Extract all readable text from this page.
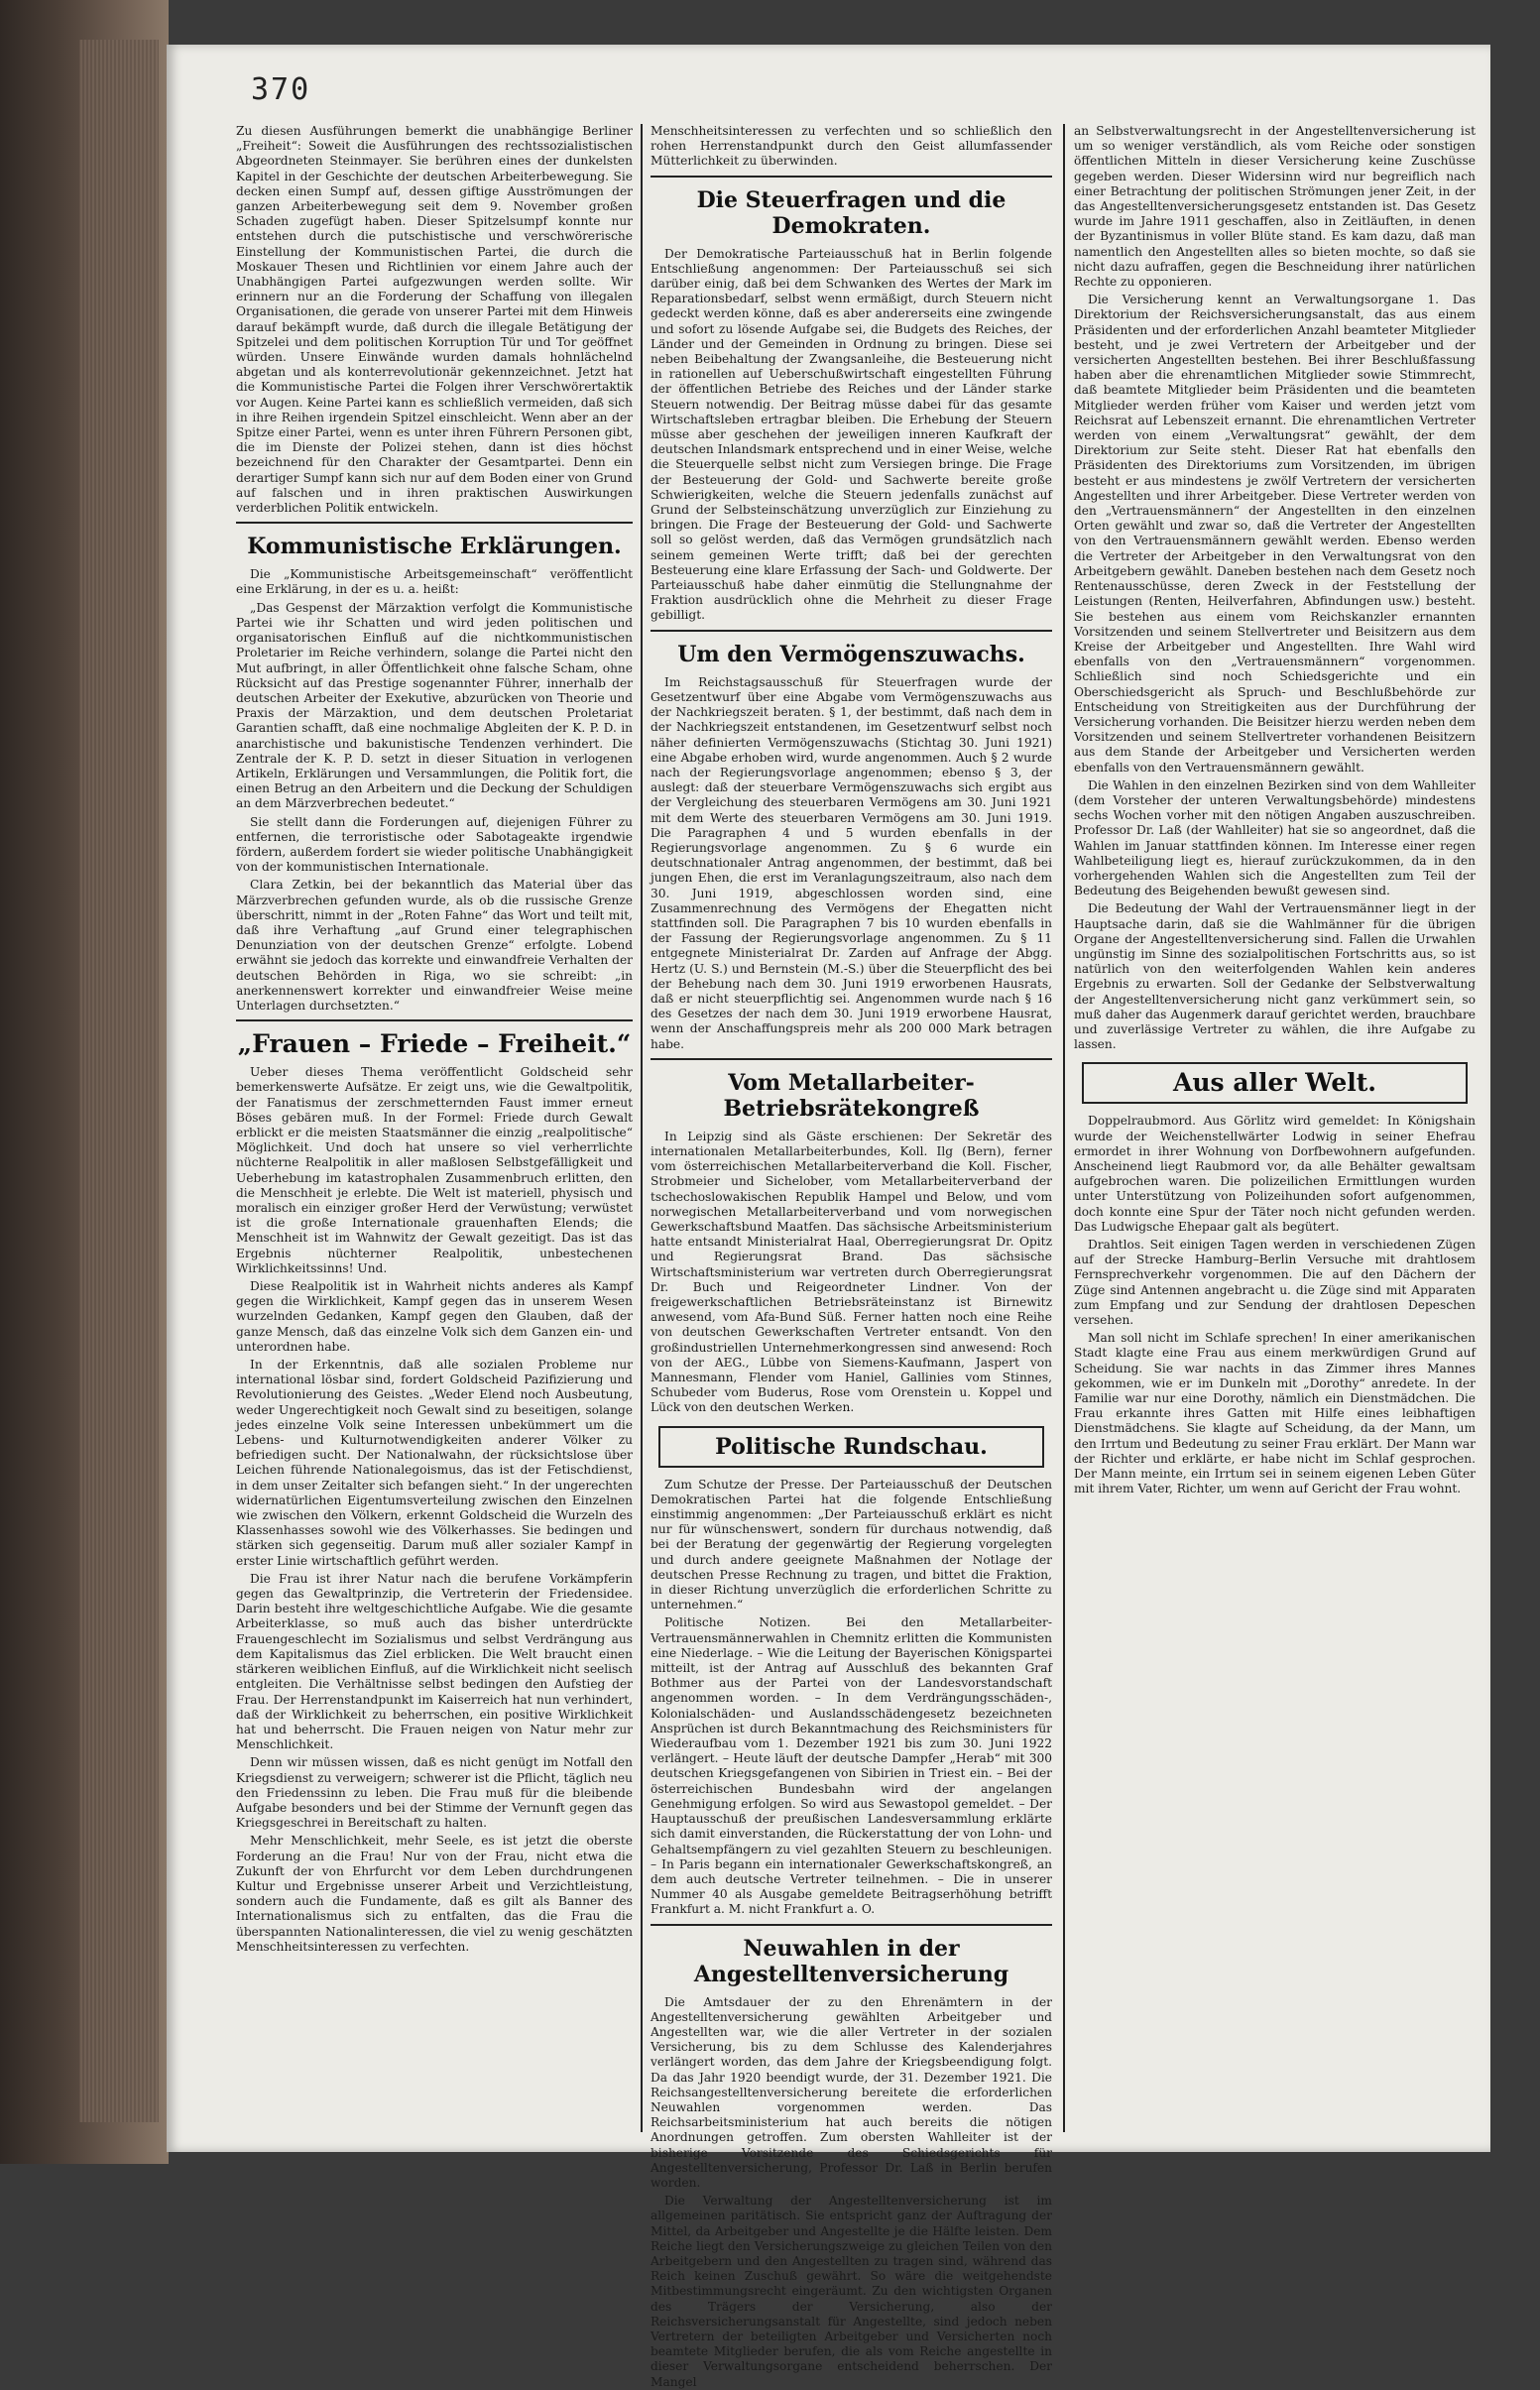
370

Zu diesen Ausführungen bemerkt die unabhängige Berliner „Freiheit“: Soweit die Ausführungen des rechtssozialistischen Abgeordneten Steinmayer. Sie berühren eines der dunkelsten Kapitel in der Geschichte der deutschen Arbeiterbewegung. Sie decken einen Sumpf auf, dessen giftige Ausströmungen der ganzen Arbeiterbewegung seit dem 9. November großen Schaden zugefügt haben. Dieser Spitzelsumpf konnte nur entstehen durch die putschistische und verschwörerische Einstellung der Kommunistischen Partei, die durch die Moskauer Thesen und Richtlinien vor einem Jahre auch der Unabhängigen Partei aufgezwungen werden sollte. Wir erinnern nur an die Forderung der Schaffung von illegalen Organisationen, die gerade von unserer Partei mit dem Hinweis darauf bekämpft wurde, daß durch die illegale Betätigung der Spitzelei und dem politischen Korruption Tür und Tor geöffnet würden. Unsere Einwände wurden damals hohnlächelnd abgetan und als konterrevolutionär gekennzeichnet. Jetzt hat die Kommunistische Partei die Folgen ihrer Verschwörertaktik vor Augen. Keine Partei kann es schließlich vermeiden, daß sich in ihre Reihen irgendein Spitzel einschleicht. Wenn aber an der Spitze einer Partei, wenn es unter ihren Führern Personen gibt, die im Dienste der Polizei stehen, dann ist dies höchst bezeichnend für den Charakter der Gesamtpartei. Denn ein derartiger Sumpf kann sich nur auf dem Boden einer von Grund auf falschen und in ihren praktischen Auswirkungen verderblichen Politik entwickeln.

Kommunistische Erklärungen.

Die „Kommunistische Arbeitsgemeinschaft“ veröffentlicht eine Erklärung, in der es u. a. heißt:

„Das Gespenst der Märzaktion verfolgt die Kommunistische Partei wie ihr Schatten und wird jeden politischen und organisatorischen Einfluß auf die nichtkommunistischen Proletarier im Reiche verhindern, solange die Partei nicht den Mut aufbringt, in aller Öffentlichkeit ohne falsche Scham, ohne Rücksicht auf das Prestige sogenannter Führer, innerhalb der deutschen Arbeiter der Exekutive, abzurücken von Theorie und Praxis der Märzaktion, und dem deutschen Proletariat Garantien schafft, daß eine nochmalige Abgleiten der K. P. D. in anarchistische und bakunistische Tendenzen verhindert. Die Zentrale der K. P. D. setzt in dieser Situation in verlogenen Artikeln, Erklärungen und Versammlungen, die Politik fort, die einen Betrug an den Arbeitern und die Deckung der Schuldigen an dem Märzverbrechen bedeutet.“

Sie stellt dann die Forderungen auf, diejenigen Führer zu entfernen, die terroristische oder Sabotageakte irgendwie fördern, außerdem fordert sie wieder politische Unabhängigkeit von der kommunistischen Internationale.

Clara Zetkin, bei der bekanntlich das Material über das Märzverbrechen gefunden wurde, als ob die russische Grenze überschritt, nimmt in der „Roten Fahne“ das Wort und teilt mit, daß ihre Verhaftung „auf Grund einer telegraphischen Denunziation von der deutschen Grenze“ erfolgte. Lobend erwähnt sie jedoch das korrekte und einwandfreie Verhalten der deutschen Behörden in Riga, wo sie schreibt: „in anerkennenswert korrekter und einwandfreier Weise meine Unterlagen durchsetzten.“

„Frauen – Friede – Freiheit.“

Ueber dieses Thema veröffentlicht Goldscheid sehr bemerkenswerte Aufsätze. Er zeigt uns, wie die Gewaltpolitik, der Fanatismus der zerschmetternden Faust immer erneut Böses gebären muß. In der Formel: Friede durch Gewalt erblickt er die meisten Staatsmänner die einzig „realpolitische“ Möglichkeit. Und doch hat unsere so viel verherrlichte nüchterne Realpolitik in aller maßlosen Selbstgefälligkeit und Ueberhebung im katastrophalen Zusammenbruch erlitten, den die Menschheit je erlebte. Die Welt ist materiell, physisch und moralisch ein einziger großer Herd der Verwüstung; verwüstet ist die große Internationale grauenhaften Elends; die Menschheit ist im Wahnwitz der Gewalt gezeitigt. Das ist das Ergebnis nüchterner Realpolitik, unbestechenen Wirklichkeitssinns! Und.

Diese Realpolitik ist in Wahrheit nichts anderes als Kampf gegen die Wirklichkeit, Kampf gegen das in unserem Wesen wurzelnden Gedanken, Kampf gegen den Glauben, daß der ganze Mensch, daß das einzelne Volk sich dem Ganzen ein- und unterordnen habe.

In der Erkenntnis, daß alle sozialen Probleme nur international lösbar sind, fordert Goldscheid Pazifizierung und Revolutionierung des Geistes. „Weder Elend noch Ausbeutung, weder Ungerechtigkeit noch Gewalt sind zu beseitigen, solange jedes einzelne Volk seine Interessen unbekümmert um die Lebens- und Kulturnotwendigkeiten anderer Völker zu befriedigen sucht. Der Nationalwahn, der rücksichtslose über Leichen führende Nationalegoismus, das ist der Fetischdienst, in dem unser Zeitalter sich befangen sieht.“ In der ungerechten widernatürlichen Eigentumsverteilung zwischen den Einzelnen wie zwischen den Völkern, erkennt Goldscheid die Wurzeln des Klassenhasses sowohl wie des Völkerhasses. Sie bedingen und stärken sich gegenseitig. Darum muß aller sozialer Kampf in erster Linie wirtschaftlich geführt werden.

Die Frau ist ihrer Natur nach die berufene Vorkämpferin gegen das Gewaltprinzip, die Vertreterin der Friedensidee. Darin besteht ihre weltgeschichtliche Aufgabe. Wie die gesamte Arbeiterklasse, so muß auch das bisher unterdrückte Frauengeschlecht im Sozialismus und selbst Verdrängung aus dem Kapitalismus das Ziel erblicken. Die Welt braucht einen stärkeren weiblichen Einfluß, auf die Wirklichkeit nicht seelisch entgleiten. Die Verhältnisse selbst bedingen den Aufstieg der Frau. Der Herrenstandpunkt im Kaiserreich hat nun verhindert, daß der Wirklichkeit zu beherrschen, ein positive Wirklichkeit hat und beherrscht. Die Frauen neigen von Natur mehr zur Menschlichkeit.

Denn wir müssen wissen, daß es nicht genügt im Notfall den Kriegsdienst zu verweigern; schwerer ist die Pflicht, täglich neu den Friedenssinn zu leben. Die Frau muß für die bleibende Aufgabe besonders und bei der Stimme der Vernunft gegen das Kriegsgeschrei in Bereitschaft zu halten.

Mehr Menschlichkeit, mehr Seele, es ist jetzt die oberste Forderung an die Frau! Nur von der Frau, nicht etwa die Zukunft der von Ehrfurcht vor dem Leben durchdrungenen Kultur und Ergebnisse unserer Arbeit und Verzichtleistung, sondern auch die Fundamente, daß es gilt als Banner des Internationalismus sich zu entfalten, das die Frau die überspannten Nationalinteressen, die viel zu wenig geschätzten Menschheitsinteressen zu verfechten.

Menschheitsinteressen zu verfechten und so schließlich den rohen Herrenstandpunkt durch den Geist allumfassender Mütterlichkeit zu überwinden.

Die Steuerfragen und die Demokraten.

Der Demokratische Parteiausschuß hat in Berlin folgende Entschließung angenommen: Der Parteiausschuß sei sich darüber einig, daß bei dem Schwanken des Wertes der Mark im Reparationsbedarf, selbst wenn ermäßigt, durch Steuern nicht gedeckt werden könne, daß es aber andererseits eine zwingende und sofort zu lösende Aufgabe sei, die Budgets des Reiches, der Länder und der Gemeinden in Ordnung zu bringen. Diese sei neben Beibehaltung der Zwangsanleihe, die Besteuerung nicht in rationellen auf Ueberschußwirtschaft eingestellten Führung der öffentlichen Betriebe des Reiches und der Länder starke Steuern notwendig. Der Beitrag müsse dabei für das gesamte Wirtschaftsleben ertragbar bleiben. Die Erhebung der Steuern müsse aber geschehen der jeweiligen inneren Kaufkraft der deutschen Inlandsmark entsprechend und in einer Weise, welche die Steuerquelle selbst nicht zum Versiegen bringe. Die Frage der Besteuerung der Gold- und Sachwerte bereite große Schwierigkeiten, welche die Steuern jedenfalls zunächst auf Grund der Selbsteinschätzung unverzüglich zur Einziehung zu bringen. Die Frage der Besteuerung der Gold- und Sachwerte soll so gelöst werden, daß das Vermögen grundsätzlich nach seinem gemeinen Werte trifft; daß bei der gerechten Besteuerung eine klare Erfassung der Sach- und Goldwerte. Der Parteiausschuß habe daher einmütig die Stellungnahme der Fraktion ausdrücklich ohne die Mehrheit zu dieser Frage gebilligt.

Um den Vermögenszuwachs.

Im Reichstagsausschuß für Steuerfragen wurde der Gesetzentwurf über eine Abgabe vom Vermögenszuwachs aus der Nachkriegszeit beraten. § 1, der bestimmt, daß nach dem in der Nachkriegszeit entstandenen, im Gesetzentwurf selbst noch näher definierten Vermögenszuwachs (Stichtag 30. Juni 1921) eine Abgabe erhoben wird, wurde angenommen. Auch § 2 wurde nach der Regierungsvorlage angenommen; ebenso § 3, der auslegt: daß der steuerbare Vermögenszuwachs sich ergibt aus der Vergleichung des steuerbaren Vermögens am 30. Juni 1921 mit dem Werte des steuerbaren Vermögens am 30. Juni 1919. Die Paragraphen 4 und 5 wurden ebenfalls in der Regierungsvorlage angenommen. Zu § 6 wurde ein deutschnationaler Antrag angenommen, der bestimmt, daß bei jungen Ehen, die erst im Veranlagungszeitraum, also nach dem 30. Juni 1919, abgeschlossen worden sind, eine Zusammenrechnung des Vermögens der Ehegatten nicht stattfinden soll. Die Paragraphen 7 bis 10 wurden ebenfalls in der Fassung der Regierungsvorlage angenommen. Zu § 11 entgegnete Ministerialrat Dr. Zarden auf Anfrage der Abgg. Hertz (U. S.) und Bernstein (M.-S.) über die Steuerpflicht des bei der Behebung nach dem 30. Juni 1919 erworbenen Hausrats, daß er nicht steuerpflichtig sei. Angenommen wurde nach § 16 des Gesetzes der nach dem 30. Juni 1919 erworbene Hausrat, wenn der Anschaffungspreis mehr als 200 000 Mark betragen habe.

Vom Metallarbeiter-Betriebsrätekongreß

In Leipzig sind als Gäste erschienen: Der Sekretär des internationalen Metallarbeiterbundes, Koll. Ilg (Bern), ferner vom österreichischen Metallarbeiterverband die Koll. Fischer, Strobmeier und Sichelober, vom Metallarbeiterverband der tschechoslowakischen Republik Hampel und Below, und vom norwegischen Metallarbeiterverband und vom norwegischen Gewerkschaftsbund Maatfen. Das sächsische Arbeitsministerium hatte entsandt Ministerialrat Haal, Oberregierungsrat Dr. Opitz und Regierungsrat Brand. Das sächsische Wirtschaftsministerium war vertreten durch Oberregierungsrat Dr. Buch und Reigeordneter Lindner. Von der freigewerkschaftlichen Betriebsräteinstanz ist Birnewitz anwesend, vom Afa-Bund Süß. Ferner hatten noch eine Reihe von deutschen Gewerkschaften Vertreter entsandt. Von den großindustriellen Unternehmerkongressen sind anwesend: Roch von der AEG., Lübbe von Siemens-Kaufmann, Jaspert von Mannesmann, Flender vom Haniel, Gallinies vom Stinnes, Schubeder vom Buderus, Rose vom Orenstein u. Koppel und Lück von den deutschen Werken.

Politische Rundschau.

Zum Schutze der Presse. Der Parteiausschuß der Deutschen Demokratischen Partei hat die folgende Entschließung einstimmig angenommen: „Der Parteiausschuß erklärt es nicht nur für wünschenswert, sondern für durchaus notwendig, daß bei der Beratung der gegenwärtig der Regierung vorgelegten und durch andere geeignete Maßnahmen der Notlage der deutschen Presse Rechnung zu tragen, und bittet die Fraktion, in dieser Richtung unverzüglich die erforderlichen Schritte zu unternehmen.“

Politische Notizen. Bei den Metallarbeiter-Vertrauensmännerwahlen in Chemnitz erlitten die Kommunisten eine Niederlage. – Wie die Leitung der Bayerischen Königspartei mitteilt, ist der Antrag auf Ausschluß des bekannten Graf Bothmer aus der Partei von der Landesvorstandschaft angenommen worden. – In dem Verdrängungsschäden-, Kolonialschäden- und Auslandsschädengesetz bezeichneten Ansprüchen ist durch Bekanntmachung des Reichsministers für Wiederaufbau vom 1. Dezember 1921 bis zum 30. Juni 1922 verlängert. – Heute läuft der deutsche Dampfer „Herab“ mit 300 deutschen Kriegsgefangenen von Sibirien in Triest ein. – Bei der österreichischen Bundesbahn wird der angelangen Genehmigung erfolgen. So wird aus Sewastopol gemeldet. – Der Hauptausschuß der preußischen Landesversammlung erklärte sich damit einverstanden, die Rückerstattung der von Lohn- und Gehaltsempfängern zu viel gezahlten Steuern zu beschleunigen. – In Paris begann ein internationaler Gewerkschaftskongreß, an dem auch deutsche Vertreter teilnehmen. – Die in unserer Nummer 40 als Ausgabe gemeldete Beitragserhöhung betrifft Frankfurt a. M. nicht Frankfurt a. O.

Neuwahlen in der Angestelltenversicherung

Die Amtsdauer der zu den Ehrenämtern in der Angestelltenversicherung gewählten Arbeitgeber und Angestellten war, wie die aller Vertreter in der sozialen Versicherung, bis zu dem Schlusse des Kalenderjahres verlängert worden, das dem Jahre der Kriegsbeendigung folgt. Da das Jahr 1920 beendigt wurde, der 31. Dezember 1921. Die Reichsangestelltenversicherung bereitete die erforderlichen Neuwahlen vorgenommen werden. Das Reichsarbeitsministerium hat auch bereits die nötigen Anordnungen getroffen. Zum obersten Wahlleiter ist der bisherige Vorsitzende des Schiedsgerichts für Angestelltenversicherung, Professor Dr. Laß in Berlin berufen worden.

Die Verwaltung der Angestelltenversicherung ist im allgemeinen paritätisch. Sie entspricht ganz der Auftragung der Mittel, da Arbeitgeber und Angestellte je die Hälfte leisten. Dem Reiche liegt den Versicherungszweige zu gleichen Teilen von den Arbeitgebern und den Angestellten zu tragen sind, während das Reich keinen Zuschuß gewährt. So wäre die weitgehendste Mitbestimmungsrecht eingeräumt. Zu den wichtigsten Organen des Trägers der Versicherung, also der Reichsversicherungsanstalt für Angestellte, sind jedoch neben Vertretern der beteiligten Arbeitgeber und Versicherten noch beamtete Mitglieder berufen, die als vom Reiche angestellte in dieser Verwaltungsorgane entscheidend beherrschen. Der Mangel

an Selbstverwaltungsrecht in der Angestelltenversicherung ist um so weniger verständlich, als vom Reiche oder sonstigen öffentlichen Mitteln in dieser Versicherung keine Zuschüsse gegeben werden. Dieser Widersinn wird nur begreiflich nach einer Betrachtung der politischen Strömungen jener Zeit, in der das Angestelltenversicherungsgesetz entstanden ist. Das Gesetz wurde im Jahre 1911 geschaffen, also in Zeitläuften, in denen der Byzantinismus in voller Blüte stand. Es kam dazu, daß man namentlich den Angestellten alles so bieten mochte, so daß sie nicht dazu aufraffen, gegen die Beschneidung ihrer natürlichen Rechte zu opponieren.

Die Versicherung kennt an Verwaltungsorgane 1. Das Direktorium der Reichsversicherungsanstalt, das aus einem Präsidenten und der erforderlichen Anzahl beamteter Mitglieder besteht, und je zwei Vertretern der Arbeitgeber und der versicherten Angestellten bestehen. Bei ihrer Beschlußfassung haben aber die ehrenamtlichen Mitglieder sowie Stimmrecht, daß beamtete Mitglieder beim Präsidenten und die beamteten Mitglieder werden früher vom Kaiser und werden jetzt vom Reichsrat auf Lebenszeit ernannt. Die ehrenamtlichen Vertreter werden von einem „Verwaltungsrat“ gewählt, der dem Direktorium zur Seite steht. Dieser Rat hat ebenfalls den Präsidenten des Direktoriums zum Vorsitzenden, im übrigen besteht er aus mindestens je zwölf Vertretern der versicherten Angestellten und ihrer Arbeitgeber. Diese Vertreter werden von den „Vertrauensmännern“ der Angestellten in den einzelnen Orten gewählt und zwar so, daß die Vertreter der Angestellten von den Vertrauensmännern gewählt werden. Ebenso werden die Vertreter der Arbeitgeber in den Verwaltungsrat von den Arbeitgebern gewählt. Daneben bestehen nach dem Gesetz noch Rentenausschüsse, deren Zweck in der Feststellung der Leistungen (Renten, Heilverfahren, Abfindungen usw.) besteht. Sie bestehen aus einem vom Reichskanzler ernannten Vorsitzenden und seinem Stellvertreter und Beisitzern aus dem Kreise der Arbeitgeber und Angestellten. Ihre Wahl wird ebenfalls von den „Vertrauensmännern“ vorgenommen. Schließlich sind noch Schiedsgerichte und ein Oberschiedsgericht als Spruch- und Beschlußbehörde zur Entscheidung von Streitigkeiten aus der Durchführung der Versicherung vorhanden. Die Beisitzer hierzu werden neben dem Vorsitzenden und seinem Stellvertreter vorhandenen Beisitzern aus dem Stande der Arbeitgeber und Versicherten werden ebenfalls von den Vertrauensmännern gewählt.

Die Wahlen in den einzelnen Bezirken sind von dem Wahlleiter (dem Vorsteher der unteren Verwaltungsbehörde) mindestens sechs Wochen vorher mit den nötigen Angaben auszuschreiben. Professor Dr. Laß (der Wahlleiter) hat sie so angeordnet, daß die Wahlen im Januar stattfinden können. Im Interesse einer regen Wahlbeteiligung liegt es, hierauf zurückzukommen, da in den vorhergehenden Wahlen sich die Angestellten zum Teil der Bedeutung des Beigehenden bewußt gewesen sind.

Die Bedeutung der Wahl der Vertrauensmänner liegt in der Hauptsache darin, daß sie die Wahlmänner für die übrigen Organe der Angestelltenversicherung sind. Fallen die Urwahlen ungünstig im Sinne des sozialpolitischen Fortschritts aus, so ist natürlich von den weiterfolgenden Wahlen kein anderes Ergebnis zu erwarten. Soll der Gedanke der Selbstverwaltung der Angestelltenversicherung nicht ganz verkümmert sein, so muß daher das Augenmerk darauf gerichtet werden, brauchbare und zuverlässige Vertreter zu wählen, die ihre Aufgabe zu lassen.

Aus aller Welt.

Doppelraubmord. Aus Görlitz wird gemeldet: In Königshain wurde der Weichenstellwärter Lodwig in seiner Ehefrau ermordet in ihrer Wohnung von Dorfbewohnern aufgefunden. Anscheinend liegt Raubmord vor, da alle Behälter gewaltsam aufgebrochen waren. Die polizeilichen Ermittlungen wurden unter Unterstützung von Polizeihunden sofort aufgenommen, doch konnte eine Spur der Täter noch nicht gefunden werden. Das Ludwigsche Ehepaar galt als begütert.

Drahtlos. Seit einigen Tagen werden in verschiedenen Zügen auf der Strecke Hamburg–Berlin Versuche mit drahtlosem Fernsprechverkehr vorgenommen. Die auf den Dächern der Züge sind Antennen angebracht u. die Züge sind mit Apparaten zum Empfang und zur Sendung der drahtlosen Depeschen versehen.

Man soll nicht im Schlafe sprechen! In einer amerikanischen Stadt klagte eine Frau aus einem merkwürdigen Grund auf Scheidung. Sie war nachts in das Zimmer ihres Mannes gekommen, wie er im Dunkeln mit „Dorothy“ anredete. In der Familie war nur eine Dorothy, nämlich ein Dienstmädchen. Die Frau erkannte ihres Gatten mit Hilfe eines leibhaftigen Dienstmädchens. Sie klagte auf Scheidung, da der Mann, um den Irrtum und Bedeutung zu seiner Frau erklärt. Der Mann war der Richter und erklärte, er habe nicht im Schlaf gesprochen. Der Mann meinte, ein Irrtum sei in seinem eigenen Leben Güter mit ihrem Vater, Richter, um wenn auf Gericht der Frau wohnt.
